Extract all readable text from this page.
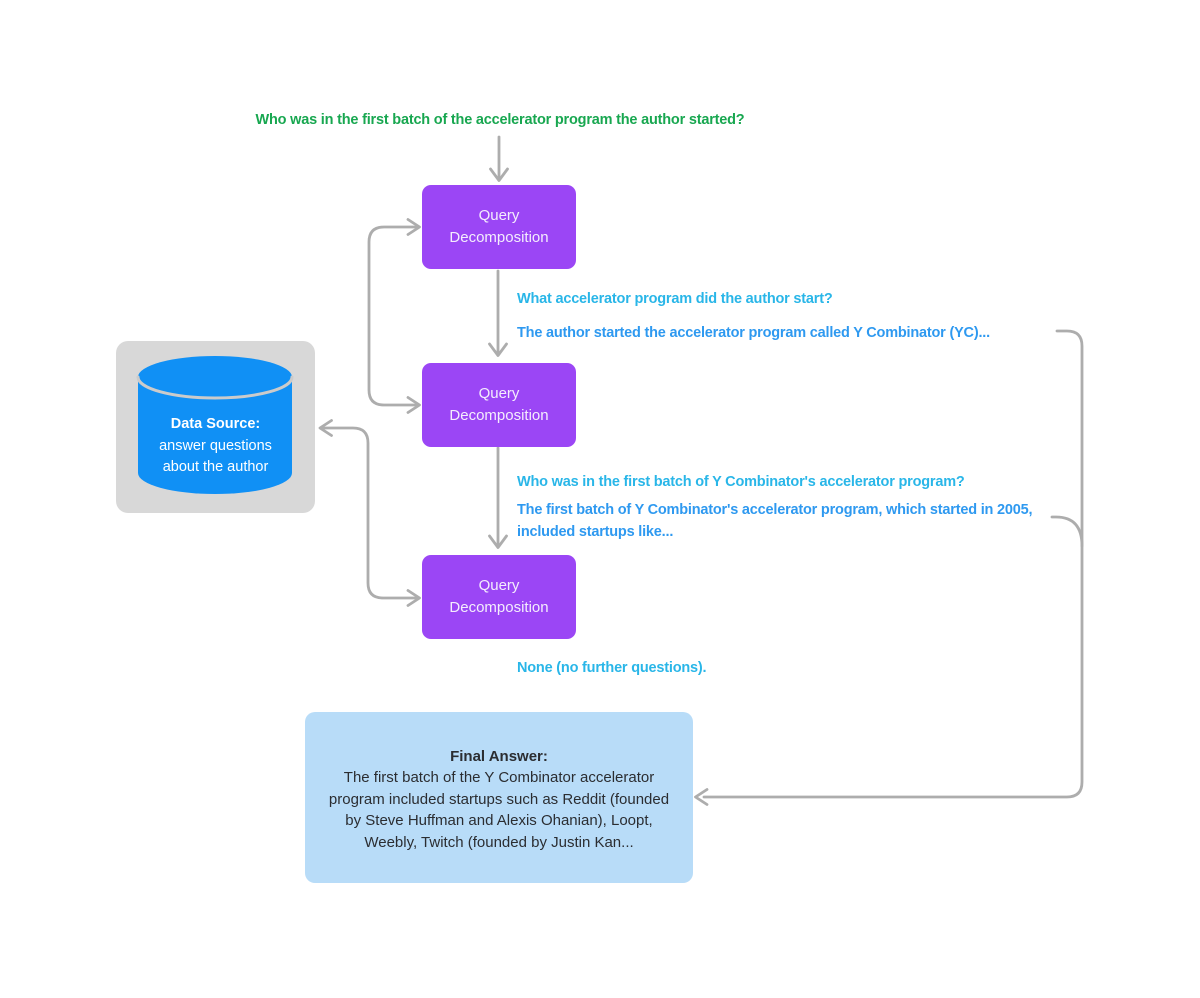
Who was in the first batch of the accelerator program the author started?
Query
Decomposition
Query
Decomposition
Query
Decomposition
What accelerator program did the author start?
The author started the accelerator program called Y Combinator (YC)...
Who was in the first batch of Y Combinator's accelerator program?
The first batch of Y Combinator's accelerator program, which started in 2005, included startups like...
None (no further questions).
Data Source:
answer questions
about the author
Final Answer:
The first batch of the Y Combinator accelerator program included startups such as Reddit (founded by Steve Huffman and Alexis Ohanian), Loopt, Weebly, Twitch (founded by Justin Kan...
